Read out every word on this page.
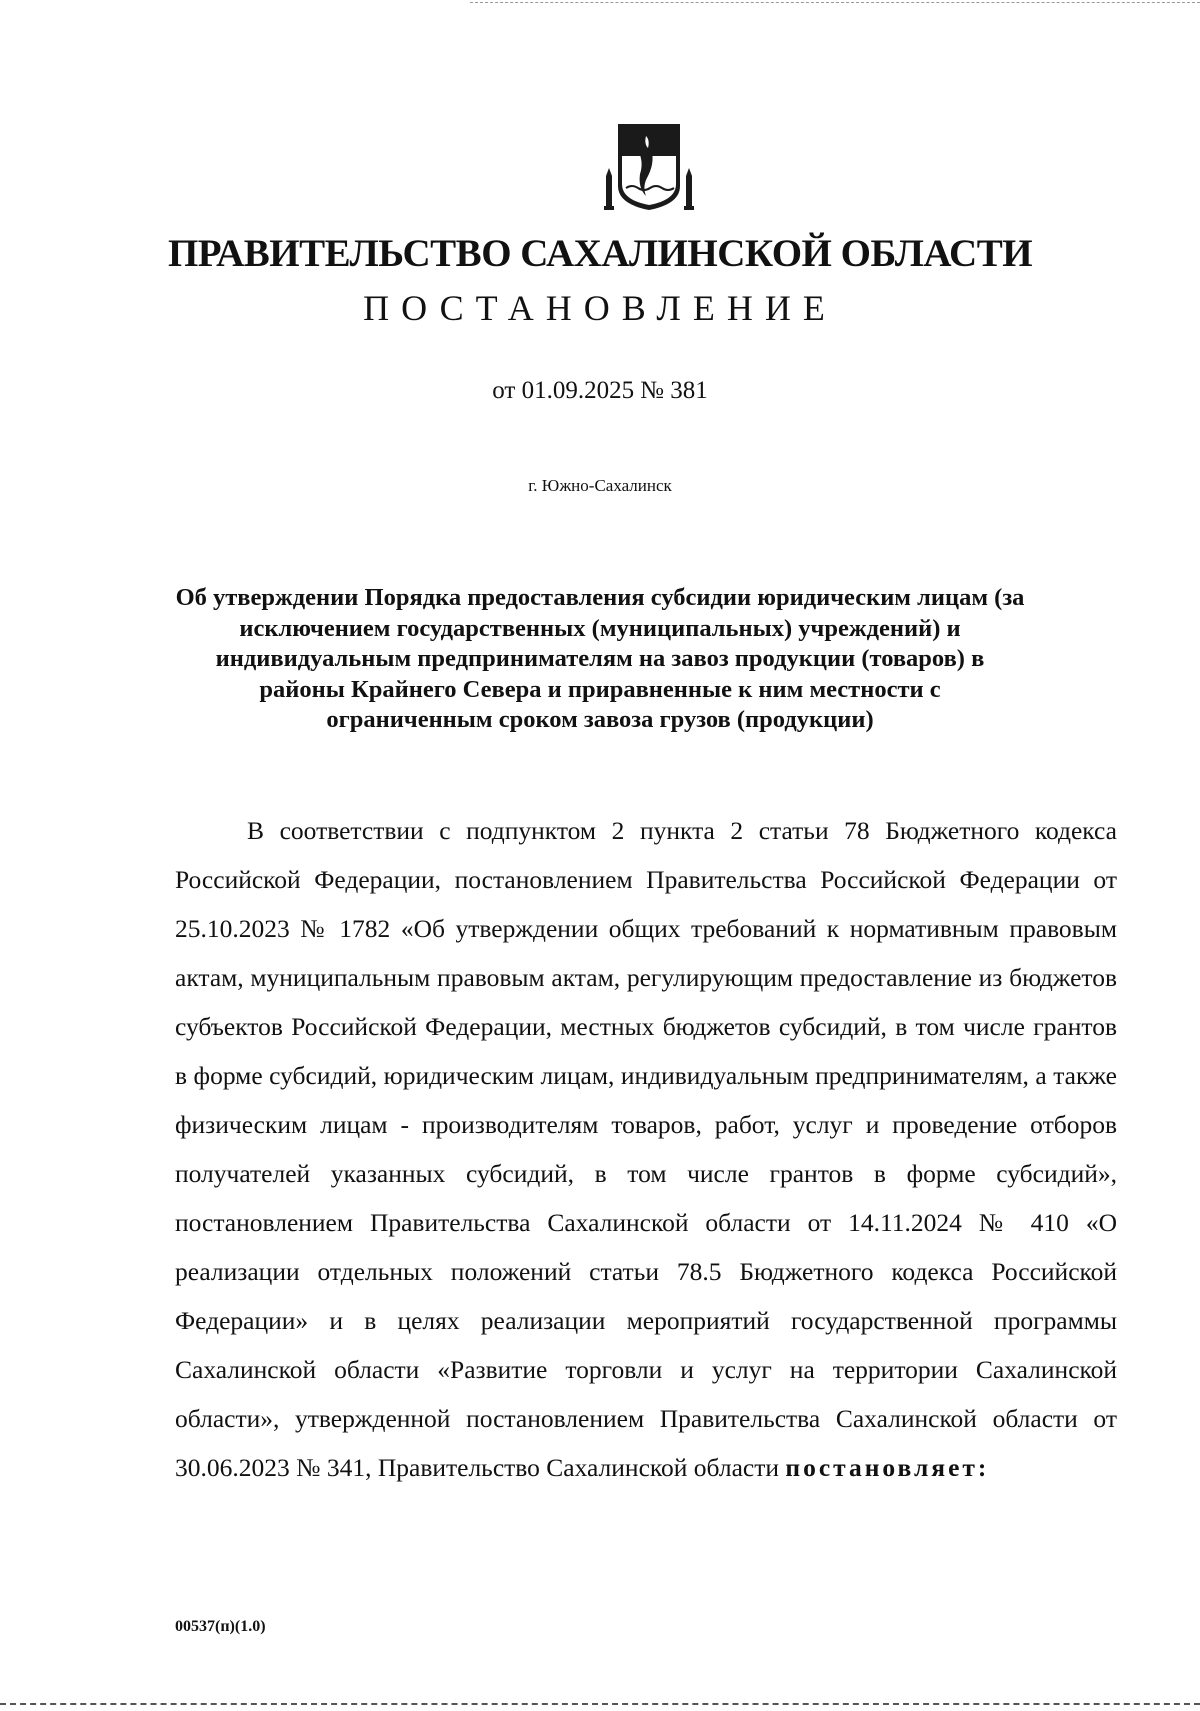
ПРАВИТЕЛЬСТВО САХАЛИНСКОЙ ОБЛАСТИ
ПОСТАНОВЛЕНИЕ
от 01.09.2025 № 381
г. Южно-Сахалинск
Об утверждении Порядка предоставления субсидии юридическим лицам (за исключением государственных (муниципальных) учреждений) и индивидуальным предпринимателям на завоз продукции (товаров) в районы Крайнего Севера и приравненные к ним местности с ограниченным сроком завоза грузов (продукции)

В соответствии с подпунктом 2 пункта 2 статьи 78 Бюджетного кодекса Российской Федерации, постановлением Правительства Российской Федерации от 25.10.2023 № 1782 «Об утверждении общих требований к нормативным правовым актам, муниципальным правовым актам, регулирующим предоставление из бюджетов субъектов Российской Федерации, местных бюджетов субсидий, в том числе грантов в форме субсидий, юридическим лицам, индивидуальным предпринимателям, а также физическим лицам - производителям товаров, работ, услуг и проведение отборов получателей указанных субсидий, в том числе грантов в форме субсидий», постановлением Правительства Сахалинской области от 14.11.2024 № 410 «О реализации отдельных положений статьи 78.5 Бюджетного кодекса Российской Федерации» и в целях реализации мероприятий государственной программы Сахалинской области «Развитие торговли и услуг на территории Сахалинской области», утвержденной постановлением Правительства Сахалинской области от 30.06.2023 № 341, Правительство Сахалинской области постановляет:

00537(п)(1.0)
